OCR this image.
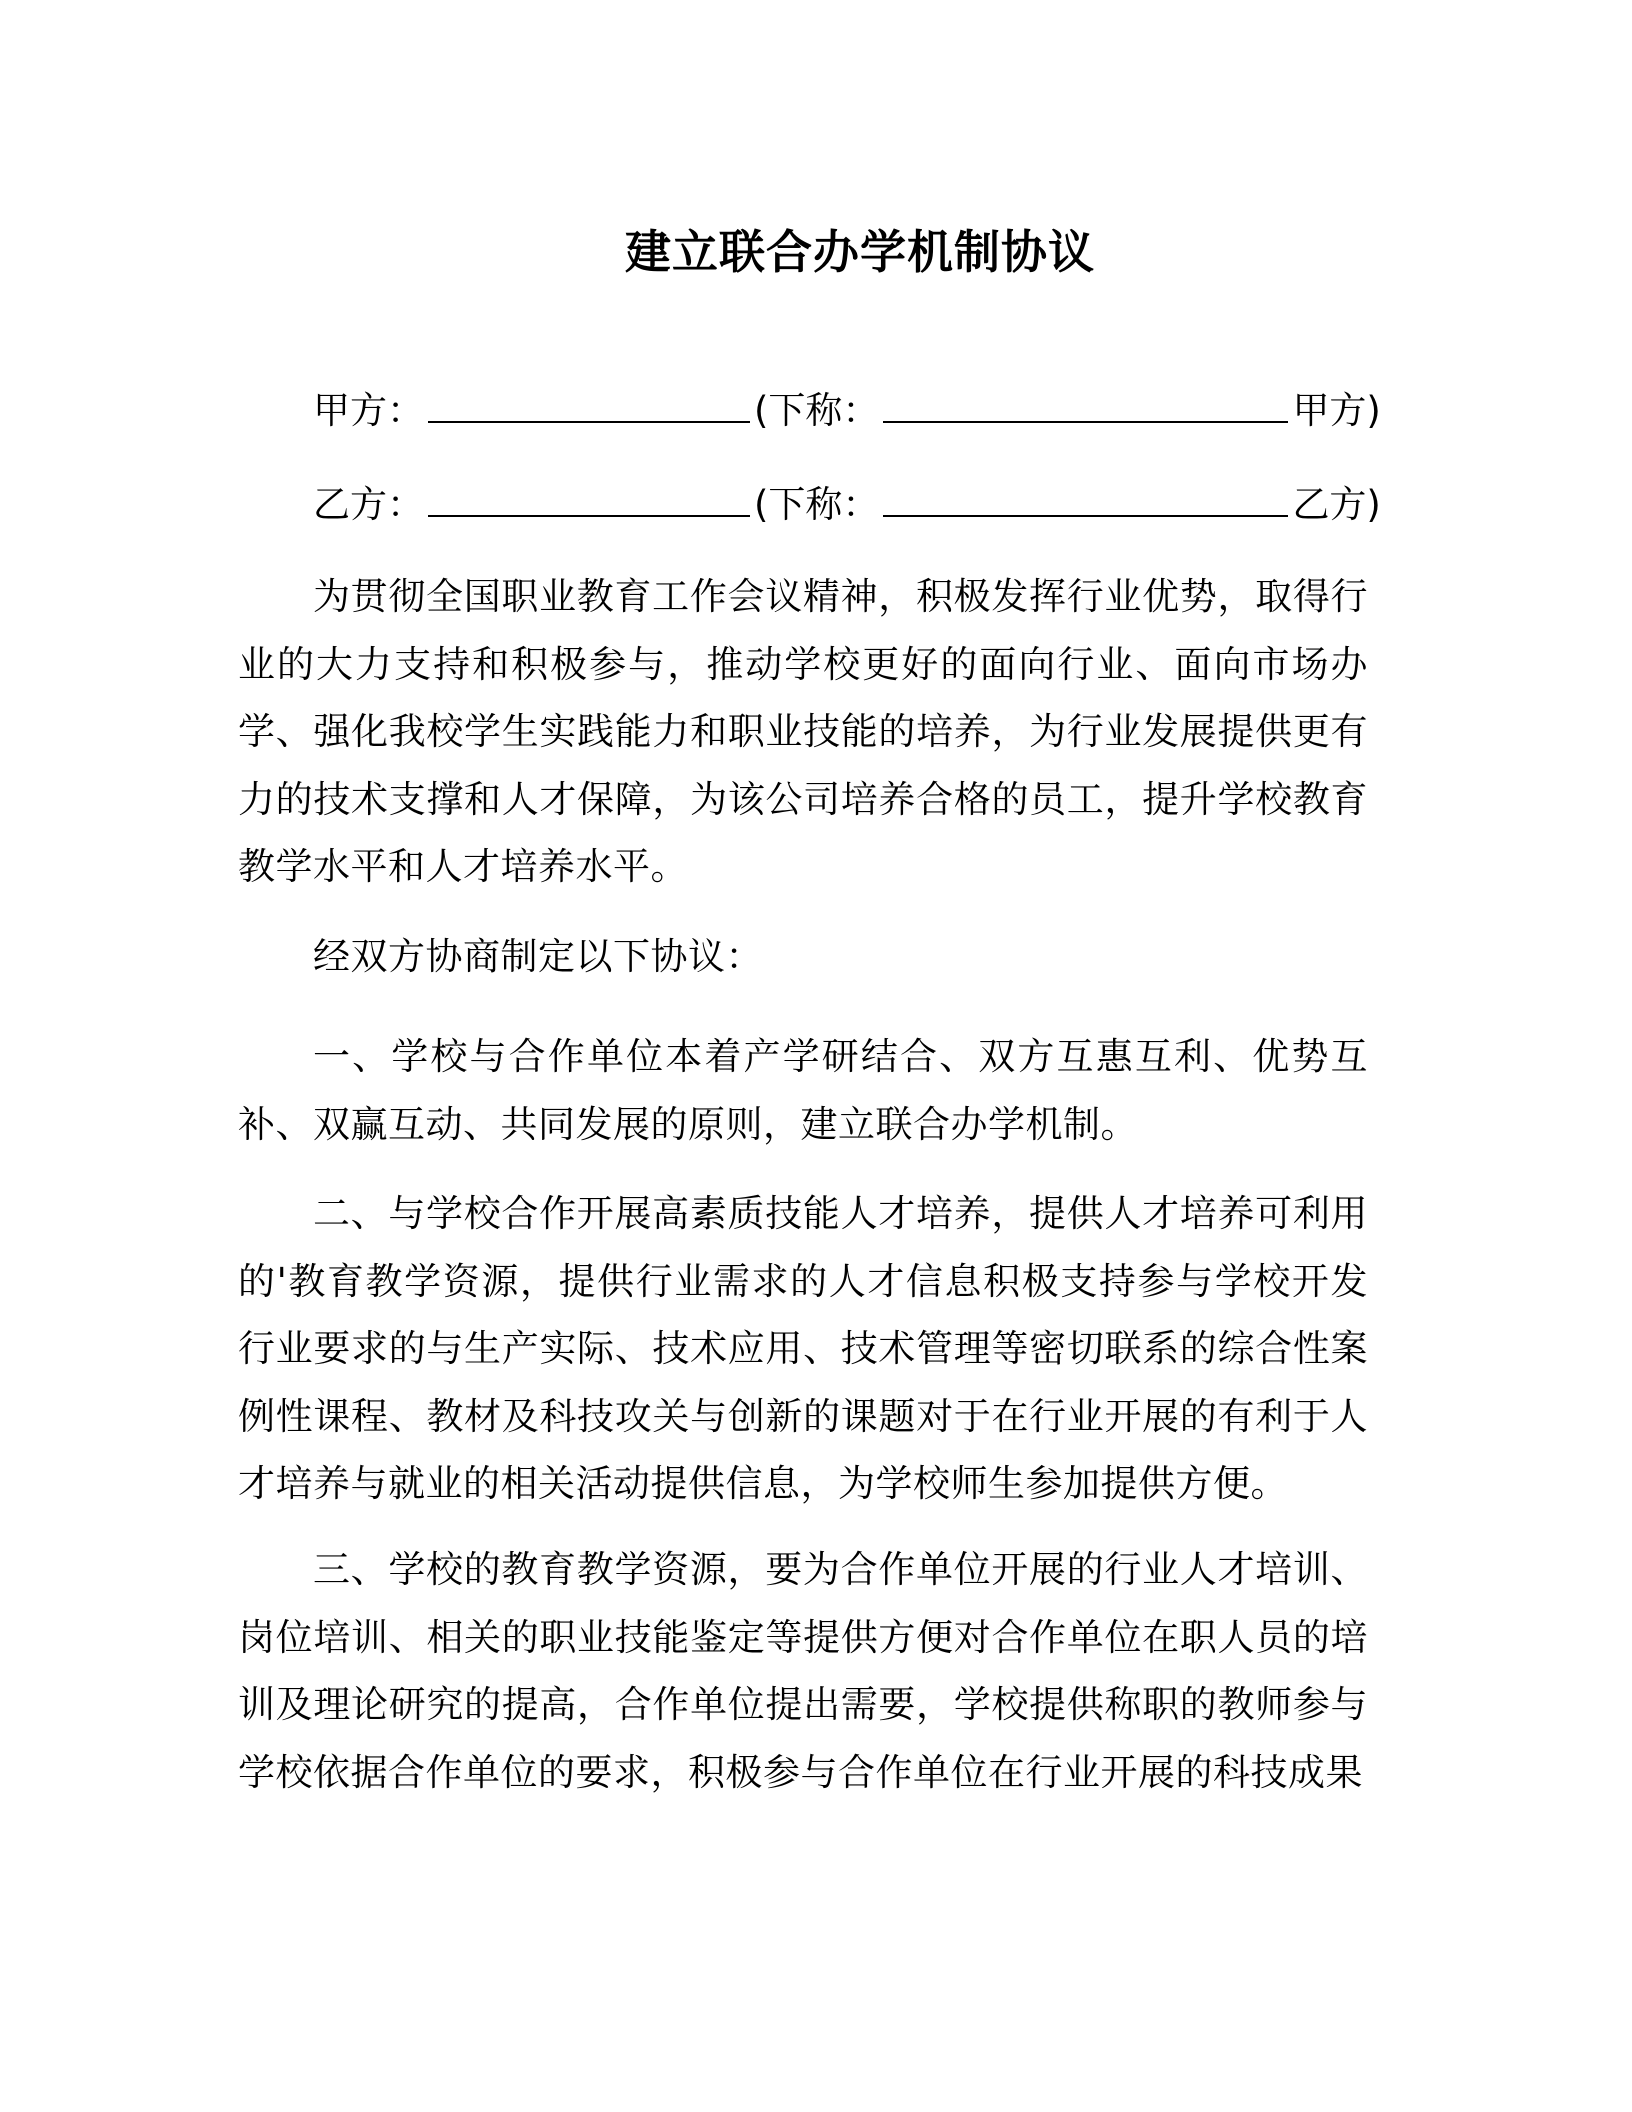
建立联合办学机制协议
甲方：	(下称：	甲方)
乙方：	(下称：	乙方)

为贯彻全国职业教育工作会议精神，积极发挥行业优势，取得行业的大力支持和积极参与，推动学校更好的面向行业、面向市场办学、强化我校学生实践能力和职业技能的培养，为行业发展提供更有力的技术支撑和人才保障，为该公司培养合格的员工，提升学校教育教学水平和人才培养水平。

经双方协商制定以下协议：

一、学校与合作单位本着产学研结合、双方互惠互利、优势互补、双赢互动、共同发展的原则，建立联合办学机制。

二、与学校合作开展高素质技能人才培养，提供人才培养可利用的'教育教学资源，提供行业需求的人才信息积极支持参与学校开发行业要求的与生产实际、技术应用、技术管理等密切联系的综合性案例性课程、教材及科技攻关与创新的课题对于在行业开展的有利于人才培养与就业的相关活动提供信息，为学校师生参加提供方便。

三、学校的教育教学资源，要为合作单位开展的行业人才培训、岗位培训、相关的职业技能鉴定等提供方便对合作单位在职人员的培训及理论研究的提高，合作单位提出需要，学校提供称职的教师参与学校依据合作单位的要求，积极参与合作单位在行业开展的科技成果
